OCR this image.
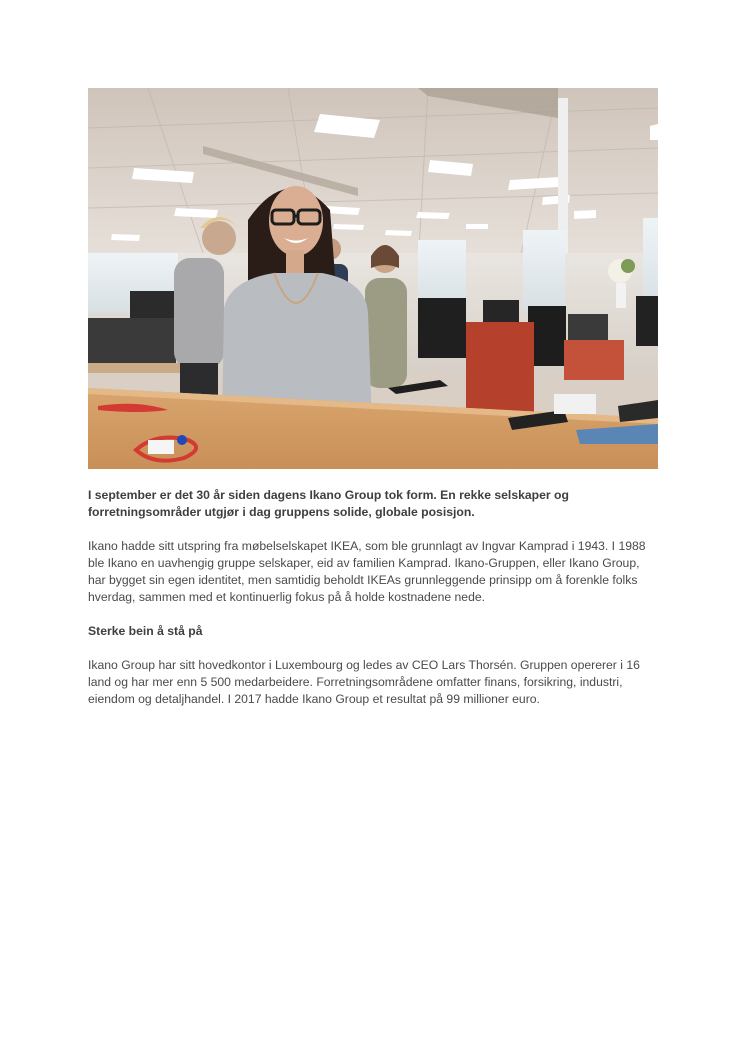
I september er det 30 år siden dagens Ikano Group tok form. En rekke selskaper og forretningsområder utgjør i dag gruppens solide, globale posisjon.

Ikano hadde sitt utspring fra møbelselskapet IKEA, som ble grunnlagt av Ingvar Kamprad i 1943. I 1988 ble Ikano en uavhengig gruppe selskaper, eid av familien Kamprad. Ikano-Gruppen, eller Ikano Group, har bygget sin egen identitet, men samtidig beholdt IKEAs grunnleggende prinsipp om å forenkle folks hverdag, sammen med et kontinuerlig fokus på å holde kostnadene nede.

Sterke bein å stå på

Ikano Group har sitt hovedkontor i Luxembourg og ledes av CEO Lars Thorsén. Gruppen opererer i 16 land og har mer enn 5 500 medarbeidere. Forretningsområdene omfatter finans, forsikring, industri, eiendom og detaljhandel. I 2017 hadde Ikano Group et resultat på 99 millioner euro.
